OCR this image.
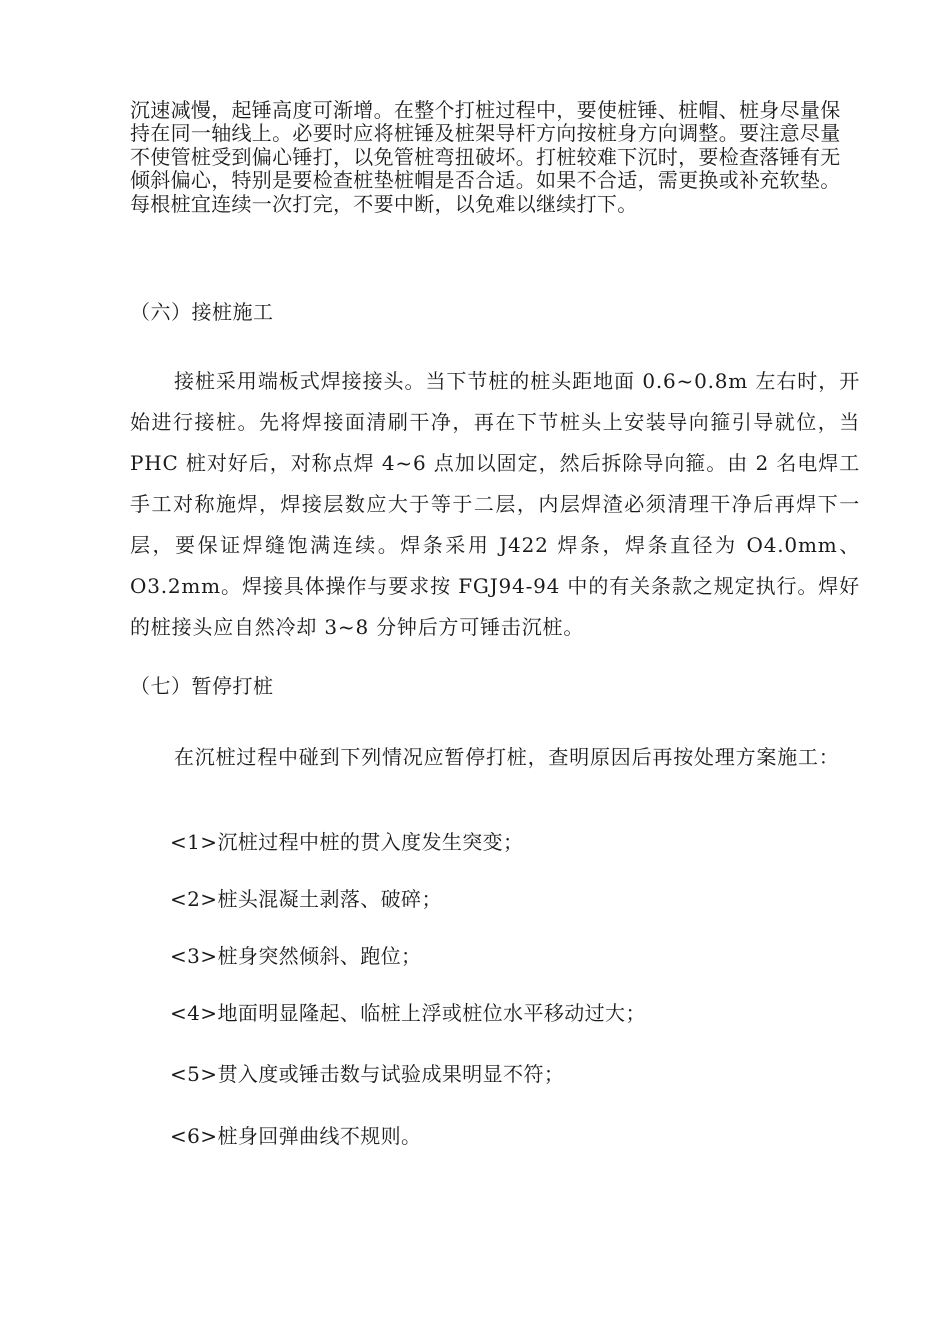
沉速减慢，起锤高度可渐增。在整个打桩过程中，要使桩锤、桩帽、桩身尽量保持在同一轴线上。必要时应将桩锤及桩架导杆方向按桩身方向调整。要注意尽量不使管桩受到偏心锤打，以免管桩弯扭破坏。打桩较难下沉时，要检查落锤有无倾斜偏心，特别是要检查桩垫桩帽是否合适。如果不合适，需更换或补充软垫。每根桩宜连续一次打完，不要中断，以免难以继续打下。

（六）接桩施工

接桩采用端板式焊接接头。当下节桩的桩头距地面 0.6~0.8m 左右时，开始进行接桩。先将焊接面清刷干净，再在下节桩头上安装导向箍引导就位，当 PHC 桩对好后，对称点焊 4~6 点加以固定，然后拆除导向箍。由 2 名电焊工手工对称施焊，焊接层数应大于等于二层，内层焊渣必须清理干净后再焊下一层，要保证焊缝饱满连续。焊条采用 J422 焊条，焊条直径为 Ο4.0mm、Ο3.2mm。焊接具体操作与要求按 FGJ94-94 中的有关条款之规定执行。焊好的桩接头应自然冷却 3~8 分钟后方可锤击沉桩。

（七）暂停打桩

在沉桩过程中碰到下列情况应暂停打桩，查明原因后再按处理方案施工：

<1>沉桩过程中桩的贯入度发生突变；

<2>桩头混凝土剥落、破碎；

<3>桩身突然倾斜、跑位；

<4>地面明显隆起、临桩上浮或桩位水平移动过大；

<5>贯入度或锤击数与试验成果明显不符；

<6>桩身回弹曲线不规则。
